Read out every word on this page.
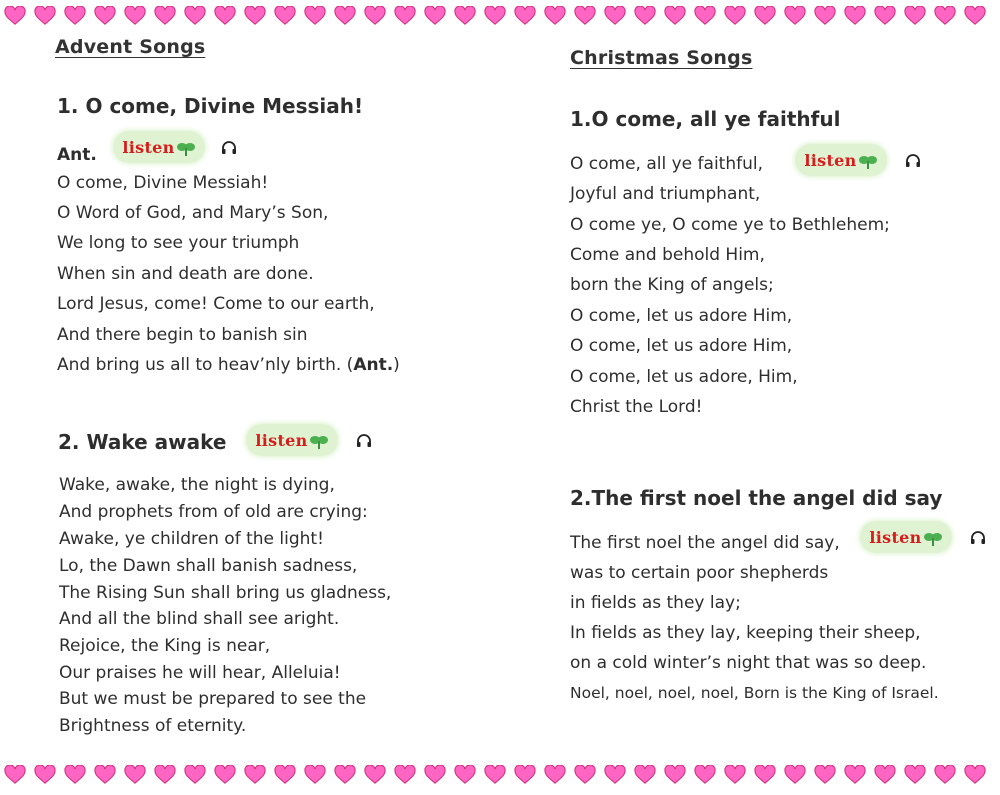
Advent Songs
1. O come, Divine Messiah!
Ant. listen
O come, Divine Messiah!
O Word of God, and Mary’s Son,
We long to see your triumph
When sin and death are done.
Lord Jesus, come! Come to our earth,
And there begin to banish sin
And bring us all to heav’nly birth. (Ant.)
2. Wake awake listen
Wake, awake, the night is dying,
And prophets from of old are crying:
Awake, ye children of the light!
Lo, the Dawn shall banish sadness,
The Rising Sun shall bring us gladness,
And all the blind shall see aright.
Rejoice, the King is near,
Our praises he will hear, Alleluia!
But we must be prepared to see the
Brightness of eternity.
Christmas Songs
1.O come, all ye faithful
O come, all ye faithful,	listen
Joyful and triumphant,
O come ye, O come ye to Bethlehem;
Come and behold Him,
born the King of angels;
O come, let us adore Him,
O come, let us adore Him,
O come, let us adore, Him,
Christ the Lord!
2.The first noel the angel did say
The first noel the angel did say, listen
was to certain poor shepherds
in fields as they lay;
In fields as they lay, keeping their sheep,
on a cold winter’s night that was so deep.
Noel, noel, noel, noel, Born is the King of Israel.
